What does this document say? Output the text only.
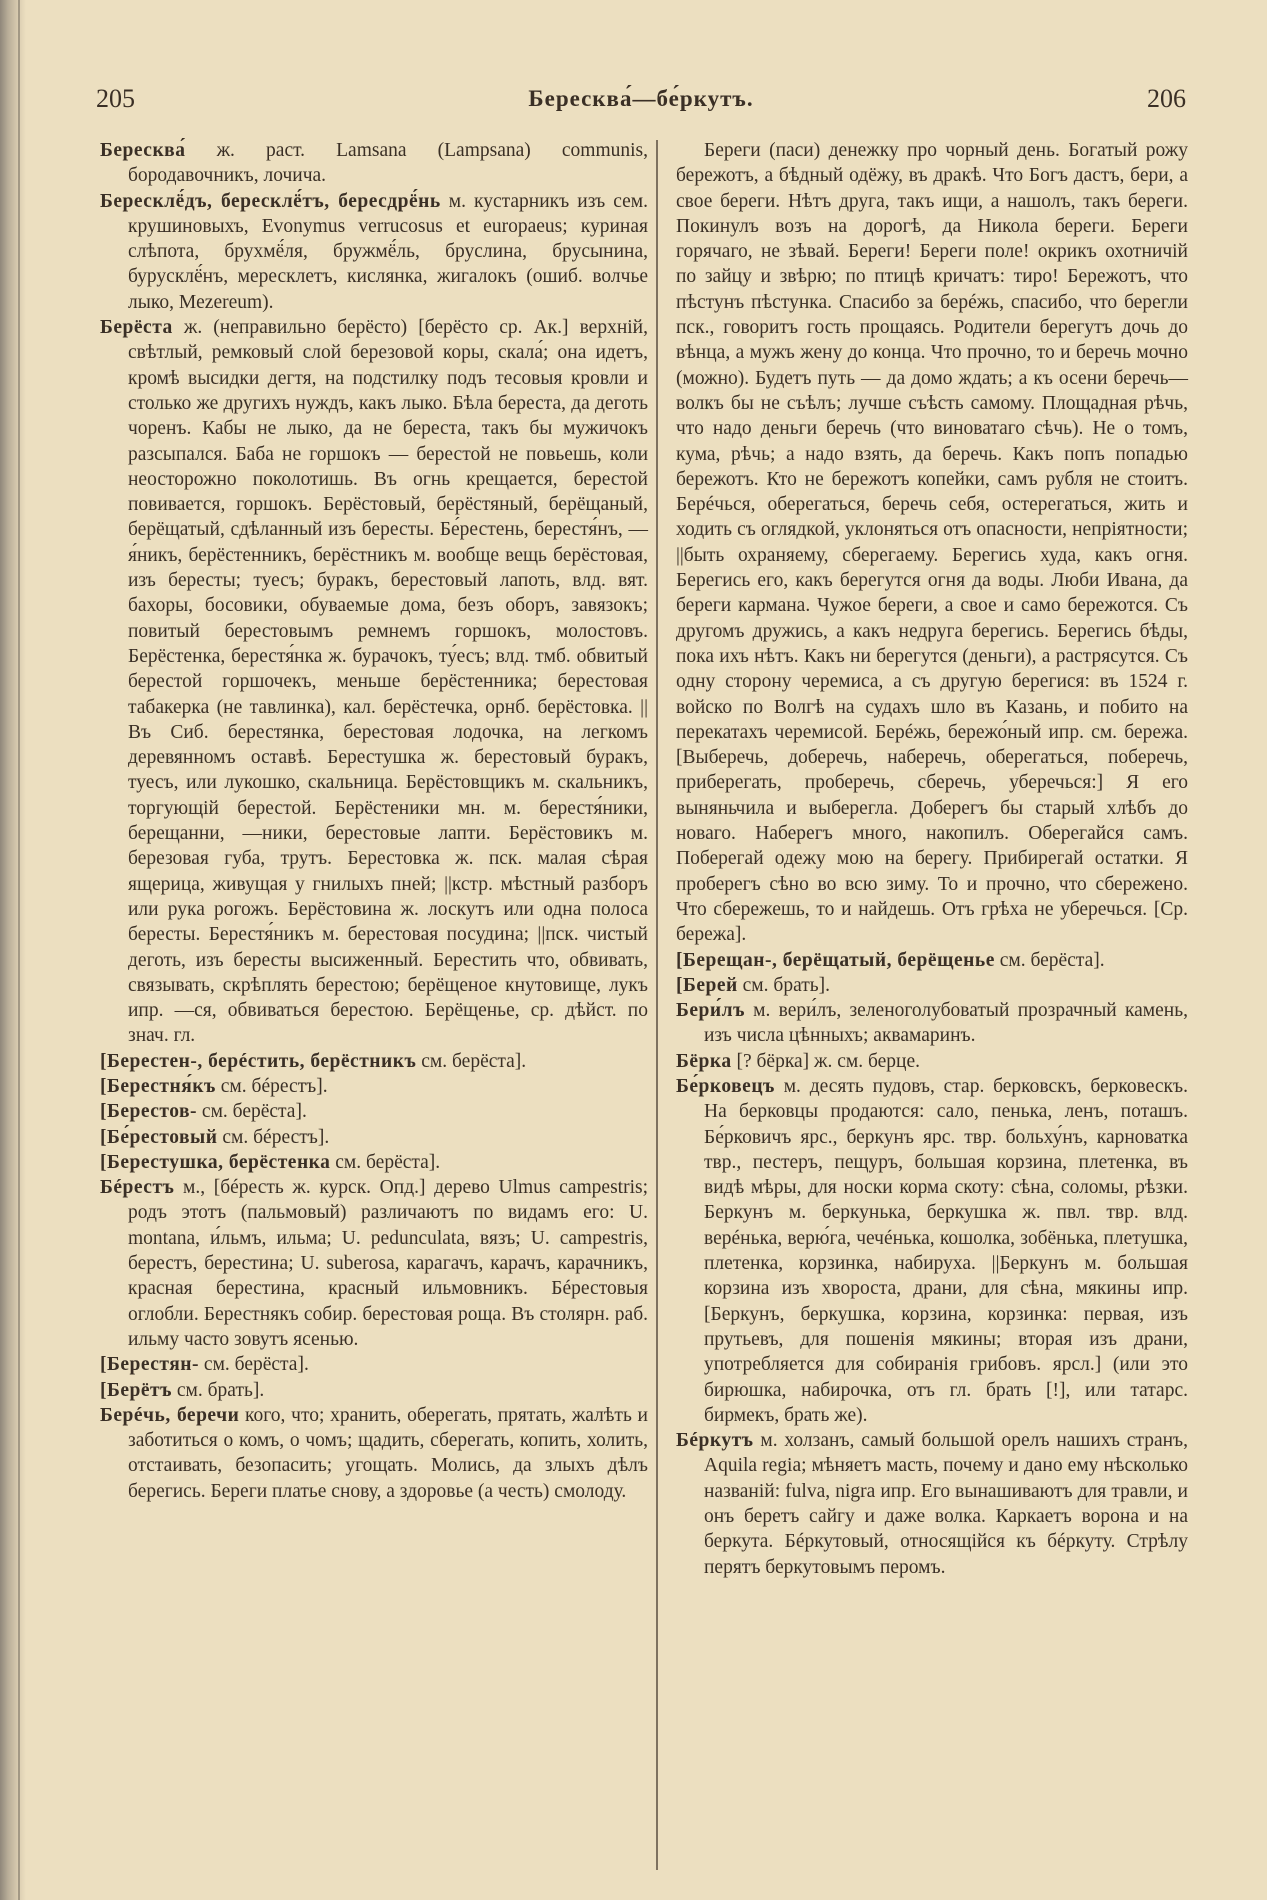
205	Бересква́—бе́ркутъ.	206

Бересква́ ж. раст. Lamsana (Lampsana) communis, бородавочникъ, лочича.

Бересклё́дъ, бересклё́тъ, бересдрё́нь м. кустарникъ изъ сем. крушиновыхъ, Evonymus verrucosus et europaeus; куриная слѣпота, брухмё́ля, бружмё́ль, бруслина, брусынина, бурусклё́нъ, мересклетъ, кислянка, жигалокъ (ошиб. волчье лыко, Mezereum).

Берёста ж. (неправильно берёсто) [берёсто ср. Ак.] верхній, свѣтлый, ремковый слой березовой коры, скала́; она идетъ, кромѣ высидки дегтя, на подстилку подъ тесовыя кровли и столько же другихъ нуждъ, какъ лыко. Бѣла береста, да деготь чоренъ. Кабы не лыко, да не береста, такъ бы мужичокъ разсыпался. Баба не горшокъ — берестой не повьешь, коли неосторожно поколотишь. Въ огнь крещается, берестой повивается, горшокъ. Берёстовый, берёстяный, берёщаный, берёщатый, сдѣланный изъ бересты. Бе́рестень, берестя́нъ, —я́никъ, берёстенникъ, берёстникъ м. вообще вещь берёстовая, изъ бересты; туесъ; буракъ, берестовый лапоть, влд. вят. бахоры, босовики, обуваемые дома, безъ оборъ, завязокъ; повитый берестовымъ ремнемъ горшокъ, молостовъ. Берёстенка, берестя́нка ж. бурачокъ, ту́есъ; влд. тмб. обвитый берестой горшочекъ, меньше берёстенника; берестовая табакерка (не тавлинка), кал. берёстечка, орнб. берёстовка. ||Въ Сиб. берестянка, берестовая лодочка, на легкомъ деревянномъ оставѣ. Берестушка ж. берестовый буракъ, туесъ, или лукошко, скальница. Берёстовщикъ м. скальникъ, торгующій берестой. Берёстеники мн. м. берестя́ники, берещанни, —ники, берестовые лапти. Берёстовикъ м. березовая губа, трутъ. Берестовка ж. пск. малая сѣрая ящерица, живущая у гнилыхъ пней; ||кстр. мѣстный разборъ или рука рогожъ. Берёстовина ж. лоскутъ или одна полоса бересты. Берестя́никъ м. берестовая посудина; ||пск. чистый деготь, изъ бересты высиженный. Берестить что, обвивать, связывать, скрѣплять берестою; берёщеное кнутовище, лукъ ипр. —ся, обвиваться берестою. Берёщенье, ср. дѣйст. по знач. гл.

[Берестен-, берéстить, берёстникъ см. берёста].

[Берестня́къ см. бéрестъ].

[Берестов- см. берёста].

[Бе́рестовый см. бéрестъ].

[Берестушка, берёстенка см. берёста].

Бéрестъ м., [бéресть ж. курск. Опд.] дерево Ulmus campestris; родъ этотъ (пальмовый) различаютъ по видамъ его: U. montana, и́льмъ, ильма; U. pedunculata, вязъ; U. campestris, берестъ, берестина; U. suberosa, карагачъ, карачъ, карачникъ, красная берестина, красный ильмовникъ. Бéрестовыя оглобли. Берестнякъ собир. берестовая роща. Въ столярн. раб. ильму часто зовутъ ясенью.

[Берестян- см. берёста].

[Берётъ см. брать].

Берéчь, беречи кого, что; хранить, оберегать, прятать, жалѣть и заботиться о комъ, о чомъ; щадить, сберегать, копить, холить, отстаивать, безопасить; угощать. Молись, да злыхъ дѣлъ берегись. Береги платье снову, а здоровье (а честь) смолоду.

Береги (паси) денежку про чорный день. Богатый рожу бережотъ, а бѣдный одёжу, въ дракѣ. Что Богъ дастъ, бери, а свое береги. Нѣтъ друга, такъ ищи, а нашолъ, такъ береги. Покинулъ возъ на дорогѣ, да Никола береги. Береги горячаго, не зѣвай. Береги! Береги поле! окрикъ охотничій по зайцу и звѣрю; по птицѣ кричатъ: тиро! Бережотъ, что пѣстунъ пѣстунка. Спасибо за берéжь, спасибо, что берегли пск., говоритъ гость прощаясь. Родители берегутъ дочь до вѣнца, а мужъ жену до конца. Что прочно, то и беречь мочно (можно). Будетъ путь — да домо ждать; а къ осени беречь—волкъ бы не съѣлъ; лучше съѣсть самому. Площадная рѣчь, что надо деньги беречь (что виноватаго сѣчь). Не о томъ, кума, рѣчь; а надо взять, да беречь. Какъ попъ попадью бережотъ. Кто не бережотъ копейки, самъ рубля не стоитъ. Берéчься, оберегаться, беречь себя, остерегаться, жить и ходить съ оглядкой, уклоняться отъ опасности, непріятности; ||быть охраняему, сберегаему. Берегись худа, какъ огня. Берегись его, какъ берегутся огня да воды. Люби Ивана, да береги кармана. Чужое береги, а свое и само бережотся. Съ другомъ дружись, а какъ недруга берегись. Берегись бѣды, пока ихъ нѣтъ. Какъ ни берегутся (деньги), а растрясутся. Съ одну сторону черемиса, а съ другую берегися: въ 1524 г. войско по Волгѣ на судахъ шло въ Казань, и побито на перекатахъ черемисой. Берéжь, бережо́ный ипр. см. бережа. [Выберечь, доберечь, наберечь, оберегаться, поберечь, приберегать, проберечь, сберечь, уберечься:] Я его выняньчила и выберегла. Доберегъ бы старый хлѣбъ до новаго. Наберегъ много, накопилъ. Оберегайся самъ. Поберегай одежу мою на берегу. Прибирегай остатки. Я проберегъ сѣно во всю зиму. То и прочно, что сбережено. Что сбережешь, то и найдешь. Отъ грѣха не уберечься. [Ср. бережа].

[Берещан-, берёщатый, берёщенье см. берёста].

[Берей см. брать].

Бери́лъ м. вери́лъ, зеленоголубоватый прозрачный камень, изъ числа цѣнныхъ; аквамаринъ.

Бёрка [? бёрка] ж. см. берце.

Бе́рковецъ м. десять пудовъ, стар. берковскъ, берковескъ. На берковцы продаются: сало, пенька, ленъ, поташъ. Бе́рковичъ ярс., беркунъ ярс. твр. больху́нъ, карноватка твр., пестеръ, пещуръ, большая корзина, плетенка, въ видѣ мѣры, для носки корма скоту: сѣна, соломы, рѣзки. Беркунъ м. беркунька, беркушка ж. пвл. твр. влд. верéнька, верю́га, чечéнька, кошолка, зобёнька, плетушка, плетенка, корзинка, набируха. ||Беркунъ м. большая корзина изъ хвороста, драни, для сѣна, мякины ипр. [Беркунъ, беркушка, корзина, корзинка: первая, изъ прутьевъ, для пошенія мякины; вторая изъ драни, употребляется для собиранія грибовъ. ярсл.] (или это бирюшка, набирочка, отъ гл. брать [!], или татарс. бирмекъ, брать же).

Бéркутъ м. холзанъ, самый большой орелъ нашихъ странъ, Aquila regia; мѣняетъ масть, почему и дано ему нѣсколько названій: fulva, nigra ипр. Его вынашиваютъ для травли, и онъ беретъ сайгу и даже волка. Каркаетъ ворона и на беркута. Бéркутовый, относящійся къ бéркуту. Стрѣлу перятъ беркутовымъ перомъ.
